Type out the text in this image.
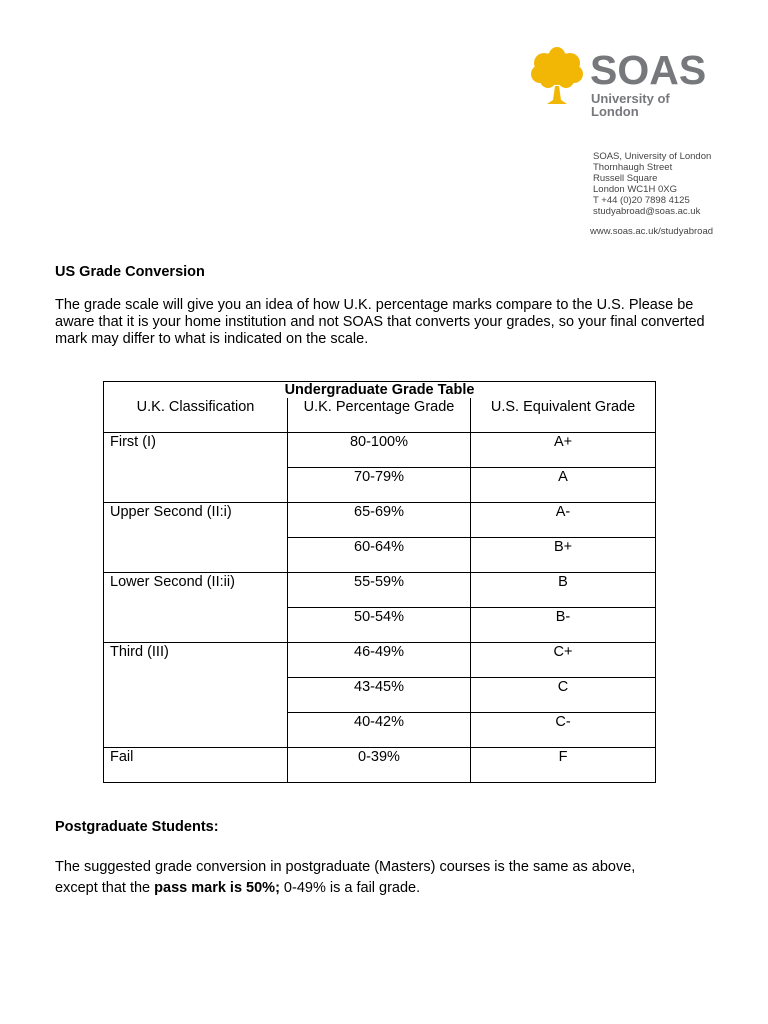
SOAS
University of London
SOAS, University of London
Thornhaugh Street
Russell Square
London WC1H 0XG
T +44 (0)20 7898 4125
studyabroad@soas.ac.uk
www.soas.ac.uk/studyabroad
US Grade Conversion

The grade scale will give you an idea of how U.K. percentage marks compare to the U.S. Please be aware that it is your home institution and not SOAS that converts your grades, so your final converted mark may differ to what is indicated on the scale.

Undergraduate Grade Table		
U.K. Classification	U.K. Percentage Grade	U.S. Equivalent Grade
First (I)	80-100%	A+
	70-79%	A
Upper Second (II:i)	65-69%	A-
	60-64%	B+
Lower Second (II:ii)	55-59%	B
	50-54%	B-
Third (III)	46-49%	C+
	43-45%	C
	40-42%	C-
Fail	0-39%	F
Postgraduate Students:

The suggested grade conversion in postgraduate (Masters) courses is the same as above,
except that the pass mark is 50%; 0-49% is a fail grade.
